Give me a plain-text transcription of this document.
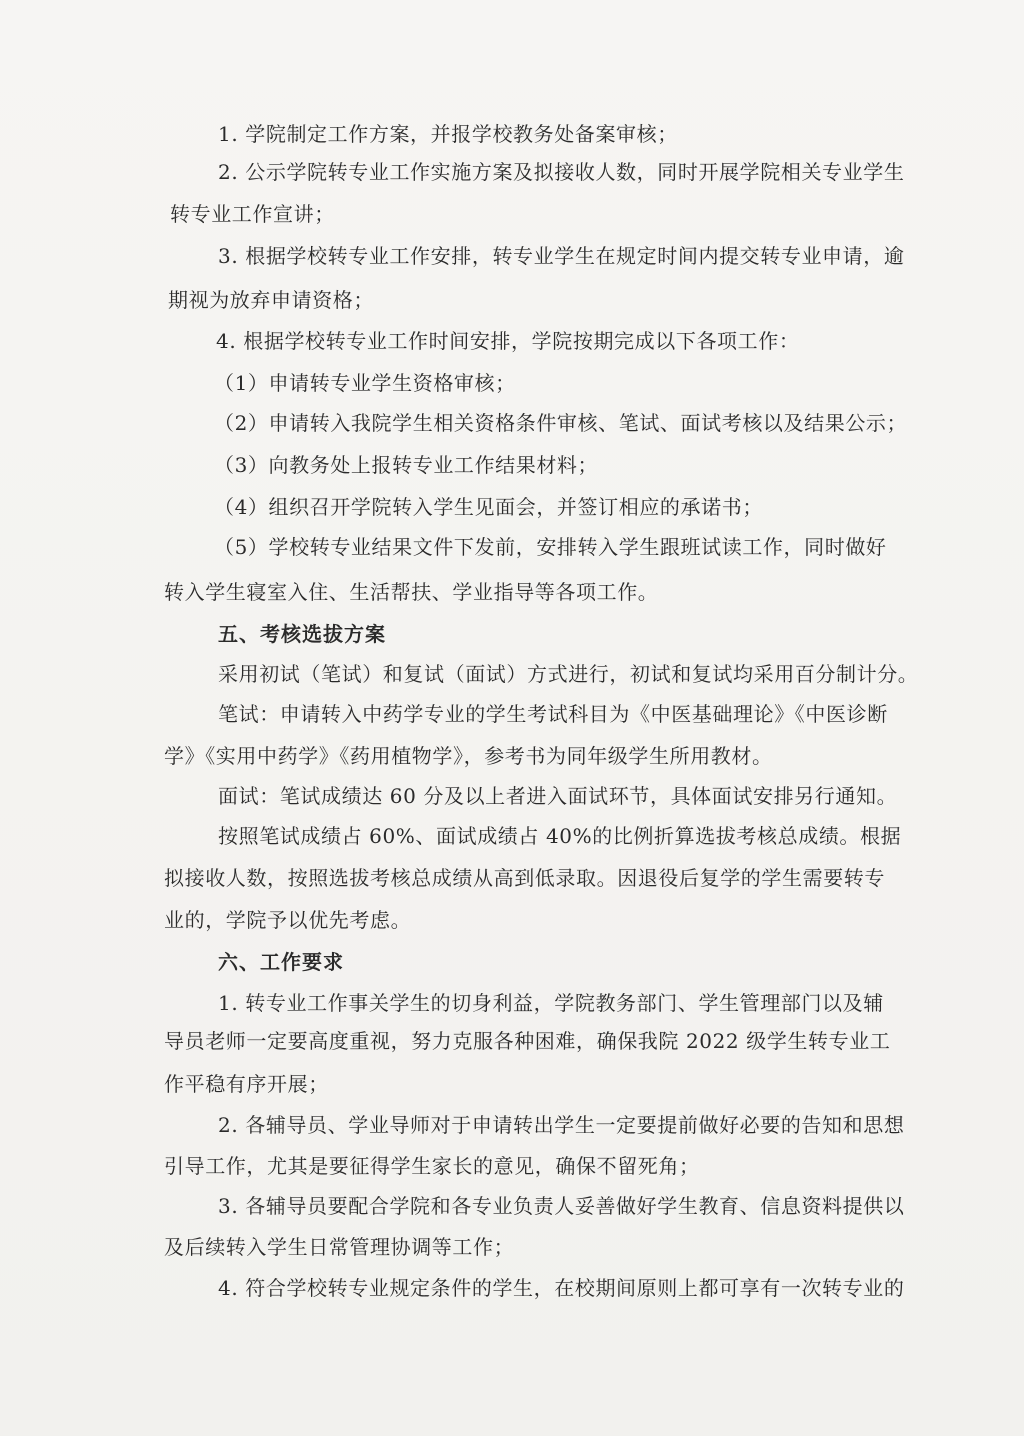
1. 学院制定工作方案，并报学校教务处备案审核；
2. 公示学院转专业工作实施方案及拟接收人数，同时开展学院相关专业学生
转专业工作宣讲；
3. 根据学校转专业工作安排，转专业学生在规定时间内提交转专业申请，逾
期视为放弃申请资格；
4. 根据学校转专业工作时间安排，学院按期完成以下各项工作：
（1）申请转专业学生资格审核；
（2）申请转入我院学生相关资格条件审核、笔试、面试考核以及结果公示；
（3）向教务处上报转专业工作结果材料；
（4）组织召开学院转入学生见面会，并签订相应的承诺书；
（5）学校转专业结果文件下发前，安排转入学生跟班试读工作，同时做好
转入学生寝室入住、生活帮扶、学业指导等各项工作。
五、考核选拔方案
采用初试（笔试）和复试（面试）方式进行，初试和复试均采用百分制计分。
笔试：申请转入中药学专业的学生考试科目为《中医基础理论》《中医诊断
学》《实用中药学》《药用植物学》，参考书为同年级学生所用教材。
面试：笔试成绩达 60 分及以上者进入面试环节，具体面试安排另行通知。
按照笔试成绩占 60%、面试成绩占 40%的比例折算选拔考核总成绩。根据
拟接收人数，按照选拔考核总成绩从高到低录取。因退役后复学的学生需要转专
业的，学院予以优先考虑。
六、工作要求
1. 转专业工作事关学生的切身利益，学院教务部门、学生管理部门以及辅
导员老师一定要高度重视，努力克服各种困难，确保我院 2022 级学生转专业工
作平稳有序开展；
2. 各辅导员、学业导师对于申请转出学生一定要提前做好必要的告知和思想
引导工作，尤其是要征得学生家长的意见，确保不留死角；
3. 各辅导员要配合学院和各专业负责人妥善做好学生教育、信息资料提供以
及后续转入学生日常管理协调等工作；
4. 符合学校转专业规定条件的学生，在校期间原则上都可享有一次转专业的
